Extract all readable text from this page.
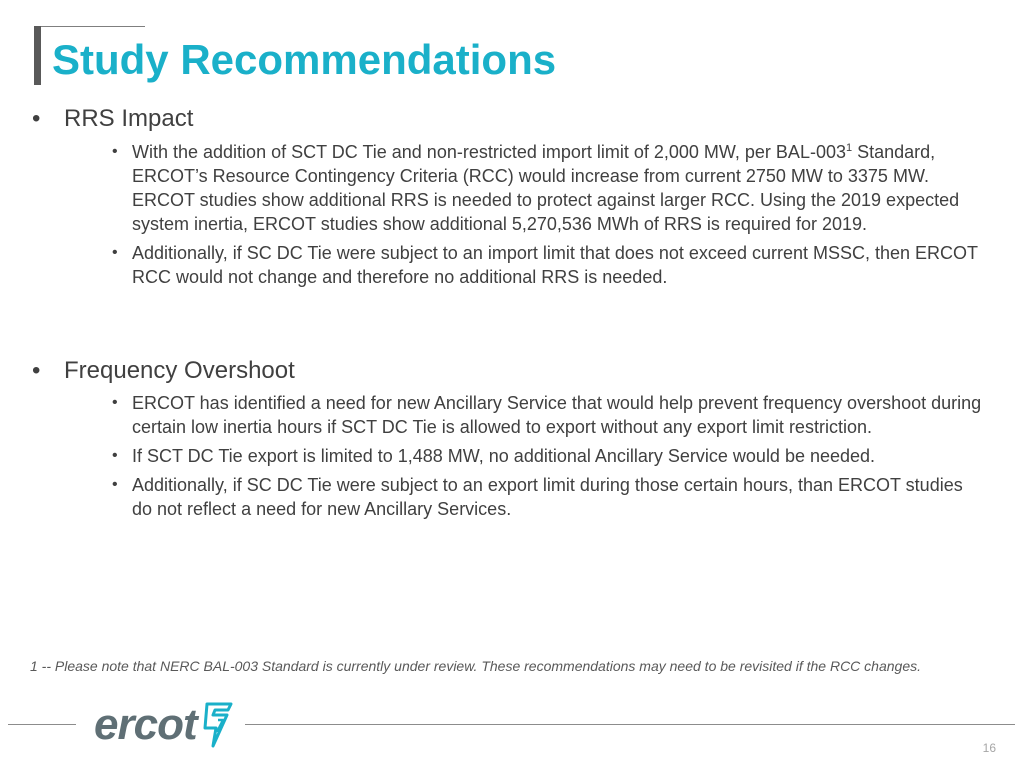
Study Recommendations
• RRS Impact
• With the addition of SCT DC Tie and non-restricted import limit of 2,000 MW, per BAL-$003^1$ Standard, ERCOT’s Resource Contingency Criteria (RCC) would increase from current 2750 MW to 3375 MW. ERCOT studies show additional RRS is needed to protect against larger RCC. Using the 2019 expected system inertia, ERCOT studies show additional 5,270,536 MWh of RRS is required for 2019.
• Additionally, if SC DC Tie were subject to an import limit that does not exceed current MSSC, then ERCOT RCC would not change and therefore no additional RRS is needed.
• Frequency Overshoot
• ERCOT has identified a need for new Ancillary Service that would help prevent frequency overshoot during certain low inertia hours if SCT DC Tie is allowed to export without any export limit restriction.
• If SCT DC Tie export is limited to 1,488 MW, no additional Ancillary Service would be needed.
• Additionally, if SC DC Tie were subject to an export limit during those certain hours, than ERCOT studies do not reflect a need for new Ancillary Services.
1 -- Please note that NERC BAL-003 Standard is currently under review. These recommendations may need to be revisited if the RCC changes.
ercot	16
